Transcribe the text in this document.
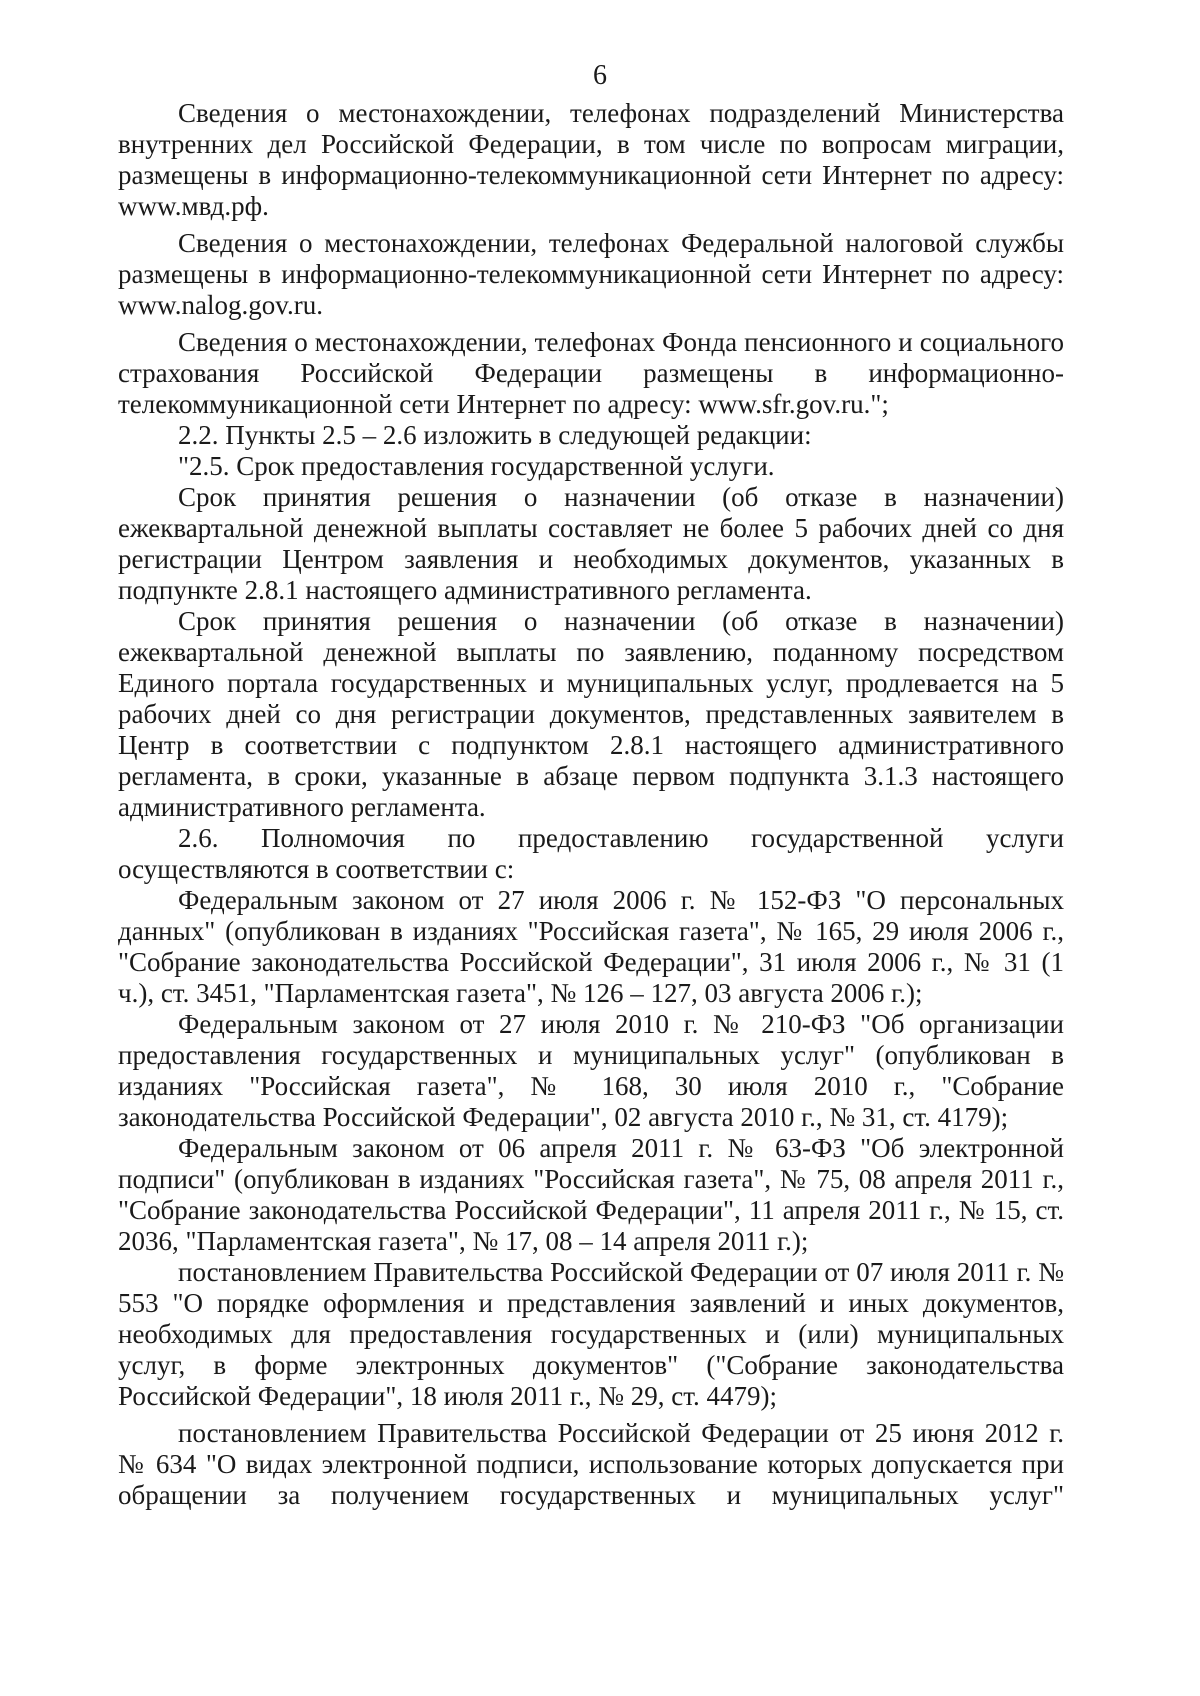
6

Сведения о местонахождении, телефонах подразделений Министерства внутренних дел Российской Федерации, в том числе по вопросам миграции, размещены в информационно-телекоммуникационной сети Интернет по адресу: www.мвд.рф.

Сведения о местонахождении, телефонах Федеральной налоговой службы размещены в информационно-телекоммуникационной сети Интернет по адресу: www.nalog.gov.ru.

Сведения о местонахождении, телефонах Фонда пенсионного и социального страхования Российской Федерации размещены в информационно-телекоммуникационной сети Интернет по адресу: www.sfr.gov.ru.";

2.2. Пункты 2.5 – 2.6 изложить в следующей редакции:

"2.5. Срок предоставления государственной услуги.

Срок принятия решения о назначении (об отказе в назначении) ежеквартальной денежной выплаты составляет не более 5 рабочих дней со дня регистрации Центром заявления и необходимых документов, указанных в подпункте 2.8.1 настоящего административного регламента.

Срок принятия решения о назначении (об отказе в назначении) ежеквартальной денежной выплаты по заявлению, поданному посредством Единого портала государственных и муниципальных услуг, продлевается на 5 рабочих дней со дня регистрации документов, представленных заявителем в Центр в соответствии с подпунктом 2.8.1 настоящего административного регламента, в сроки, указанные в абзаце первом подпункта 3.1.3 настоящего административного регламента.

2.6. Полномочия по предоставлению государственной услуги осуществляются в соответствии с:

Федеральным законом от 27 июля 2006 г. № 152-ФЗ "О персональных данных" (опубликован в изданиях "Российская газета", № 165, 29 июля 2006 г., "Собрание законодательства Российской Федерации", 31 июля 2006 г., № 31 (1 ч.), ст. 3451, "Парламентская газета", № 126 – 127, 03 августа 2006 г.);

Федеральным законом от 27 июля 2010 г. № 210-ФЗ "Об организации предоставления государственных и муниципальных услуг" (опубликован в изданиях "Российская газета", № 168, 30 июля 2010 г., "Собрание законодательства Российской Федерации", 02 августа 2010 г., № 31, ст. 4179);

Федеральным законом от 06 апреля 2011 г. № 63-ФЗ "Об электронной подписи" (опубликован в изданиях "Российская газета", № 75, 08 апреля 2011 г., "Собрание законодательства Российской Федерации", 11 апреля 2011 г., № 15, ст. 2036, "Парламентская газета", № 17, 08 – 14 апреля 2011 г.);

постановлением Правительства Российской Федерации от 07 июля 2011 г. № 553 "О порядке оформления и представления заявлений и иных документов, необходимых для предоставления государственных и (или) муниципальных услуг, в форме электронных документов" ("Собрание законодательства Российской Федерации", 18 июля 2011 г., № 29, ст. 4479);

постановлением Правительства Российской Федерации от 25 июня 2012 г. № 634 "О видах электронной подписи, использование которых допускается при обращении за получением государственных и муниципальных услуг"
